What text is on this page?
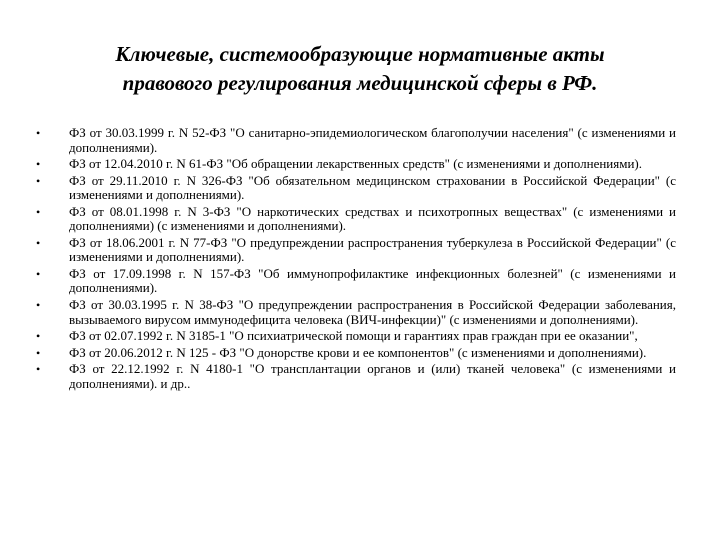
Ключевые, системообразующие нормативные акты
правового регулирования медицинской сферы в РФ.
•	ФЗ от 30.03.1999 г. N 52-ФЗ "О санитарно-эпидемиологическом благополучии населения" (с изменениями и дополнениями).
•	ФЗ от 12.04.2010 г. N 61-ФЗ "Об обращении лекарственных средств" (с изменениями и дополнениями).
•	ФЗ от 29.11.2010 г. N 326-ФЗ "Об обязательном медицинском страховании в Российской Федерации" (с изменениями и дополнениями).
•	ФЗ от 08.01.1998 г. N 3-ФЗ "О наркотических средствах и психотропных веществах" (с изменениями и дополнениями) (с изменениями и дополнениями).
•	ФЗ от 18.06.2001 г. N 77-ФЗ "О предупреждении распространения туберкулеза в Российской Федерации" (с изменениями и дополнениями).
•	ФЗ от 17.09.1998 г. N 157-ФЗ "Об иммунопрофилактике инфекционных болезней" (с изменениями и дополнениями).
•	ФЗ от 30.03.1995 г. N 38-ФЗ "О предупреждении распространения в Российской Федерации заболевания, вызываемого вирусом иммунодефицита человека (ВИЧ-инфекции)" (с изменениями и дополнениями).
•	ФЗ от 02.07.1992 г. N 3185-1 "О психиатрической помощи и гарантиях прав граждан при ее оказании",
•	ФЗ от 20.06.2012 г. N 125 - ФЗ "О донорстве крови и ее компонентов" (с изменениями и дополнениями).
•	ФЗ от 22.12.1992 г. N 4180-1 "О трансплантации органов и (или) тканей человека" (с изменениями и дополнениями). и др..
